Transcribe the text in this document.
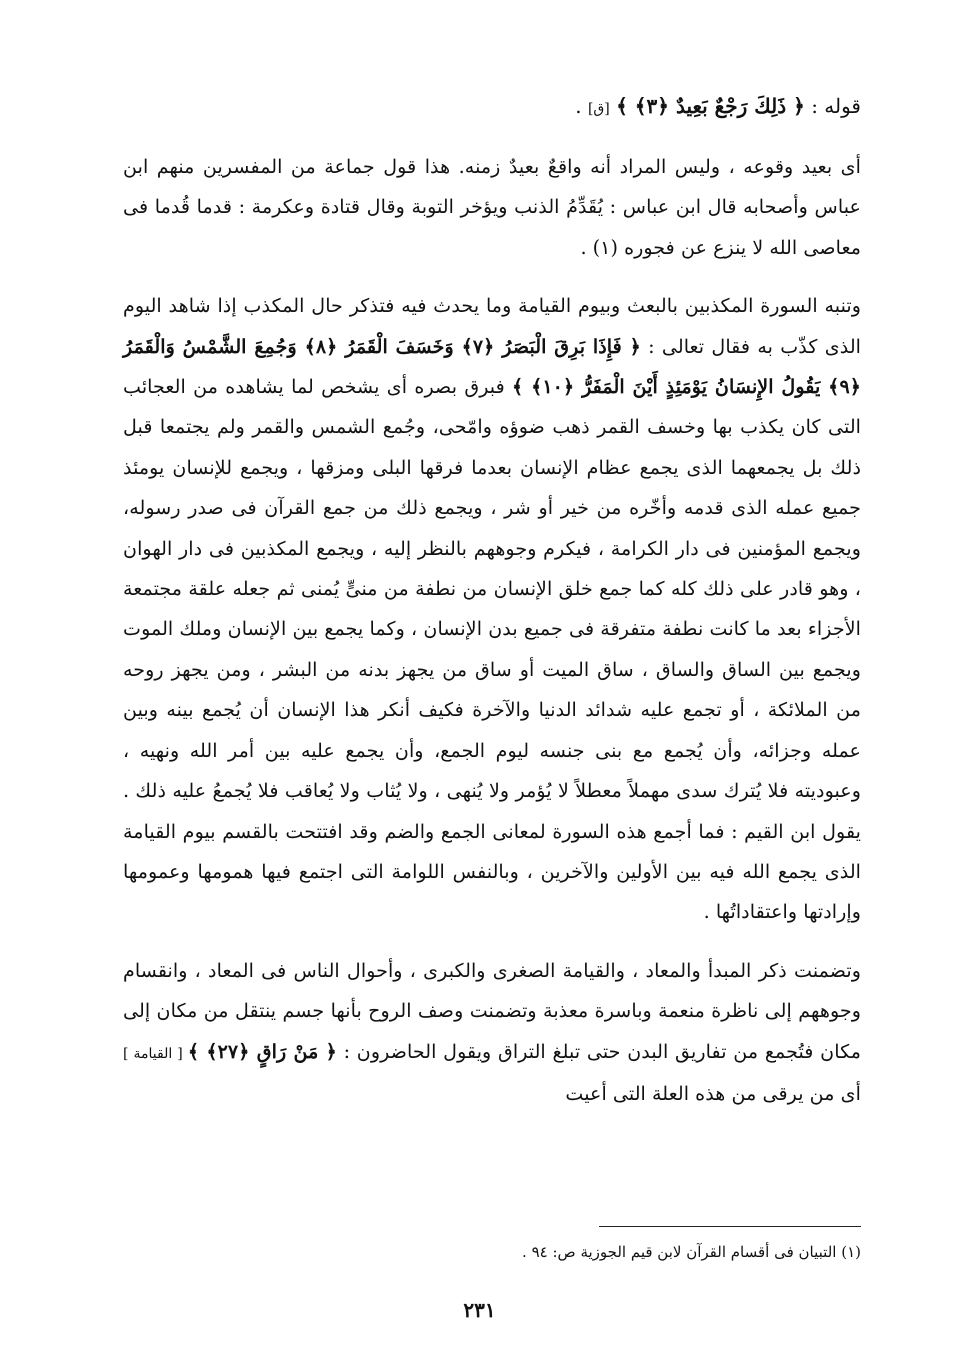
قوله : ﴿ ذَلِكَ رَجْعٌ بَعِيدٌ ﴿٣﴾ ﴾ [ق] .

أى بعيد وقوعه ، وليس المراد أنه واقعٌ بعيدٌ زمنه. هذا قول جماعة من المفسرين منهم ابن عباس وأصحابه قال ابن عباس : يُقَدِّمُ الذنب ويؤخر التوبة وقال قتادة وعكرمة : قدما قُدما فى معاصى الله لا ينزع عن فجوره (١) .

وتنبه السورة المكذبين بالبعث وبيوم القيامة وما يحدث فيه فتذكر حال المكذب إذا شاهد اليوم الذى كذّب به فقال تعالى : ﴿ فَإِذَا بَرِقَ الْبَصَرُ ﴿٧﴾ وَخَسَفَ الْقَمَرُ ﴿٨﴾ وَجُمِعَ الشَّمْسُ وَالْقَمَرُ ﴿٩﴾ يَقُولُ الإِنسَانُ يَوْمَئِذٍ أَيْنَ الْمَفَرُّ ﴿١٠﴾ ﴾ فبرق بصره أى يشخص لما يشاهده من العجائب التى كان يكذب بها وخسف القمر ذهب ضوؤه وامّحى، وجُمع الشمس والقمر ولم يجتمعا قبل ذلك بل يجمعهما الذى يجمع عظام الإنسان بعدما فرقها البلى ومزقها ، ويجمع للإنسان يومئذ جميع عمله الذى قدمه وأخّره من خير أو شر ، ويجمع ذلك من جمع القرآن فى صدر رسوله، ويجمع المؤمنين فى دار الكرامة ، فيكرم وجوههم بالنظر إليه ، ويجمع المكذبين فى دار الهوان ، وهو قادر على ذلك كله كما جمع خلق الإنسان من نطفة من منىٍّ يُمنى ثم جعله علقة مجتمعة الأجزاء بعد ما كانت نطفة متفرقة فى جميع بدن الإنسان ، وكما يجمع بين الإنسان وملك الموت ويجمع بين الساق والساق ، ساق الميت أو ساق من يجهز بدنه من البشر ، ومن يجهز روحه من الملائكة ، أو تجمع عليه شدائد الدنيا والآخرة فكيف أنكر هذا الإنسان أن يُجمع بينه وبين عمله وجزائه، وأن يُجمع مع بنى جنسه ليوم الجمع، وأن يجمع عليه بين أمر الله ونهيه ، وعبوديته فلا يُترك سدى مهملاً معطلاً لا يُؤمر ولا يُنهى ، ولا يُثاب ولا يُعاقب فلا يُجمعُ عليه ذلك . يقول ابن القيم : فما أجمع هذه السورة لمعانى الجمع والضم وقد افتتحت بالقسم بيوم القيامة الذى يجمع الله فيه بين الأولين والآخرين ، وبالنفس اللوامة التى اجتمع فيها همومها وعمومها وإرادتها واعتقاداتُها .

وتضمنت ذكر المبدأ والمعاد ، والقيامة الصغرى والكبرى ، وأحوال الناس فى المعاد ، وانقسام وجوههم إلى ناظرة منعمة وباسرة معذبة وتضمنت وصف الروح بأنها جسم ينتقل من مكان إلى مكان فتُجمع من تفاريق البدن حتى تبلغ التراق ويقول الحاضرون : ﴿ مَنْ رَاقٍ ﴿٢٧﴾ ﴾ [ القيامة ] أى من يرقى من هذه العلة التى أعيت

(١) التبيان فى أقسام القرآن لابن قيم الجوزية ص: ٩٤ .
٢٣١
